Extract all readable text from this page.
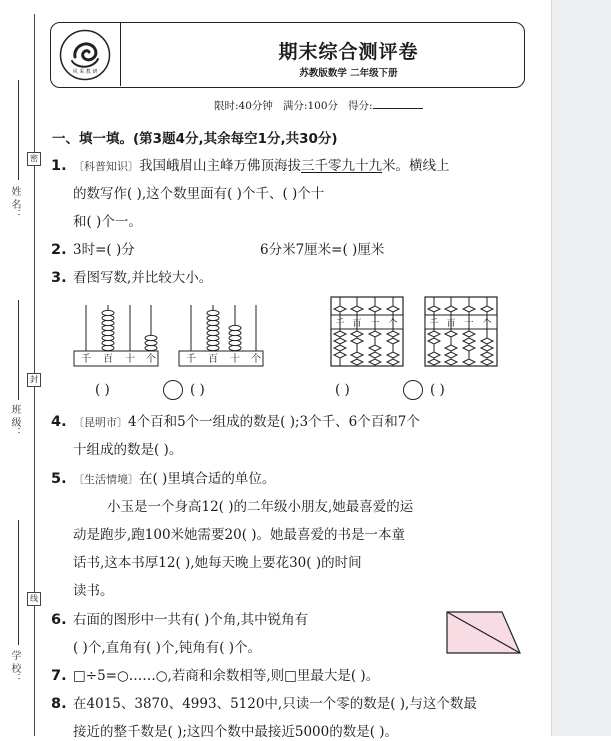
密
封
线
姓 名：
班 级：
学 校：
风 采 教 研
期末综合测评卷
苏教版数学 二年级下册
限时:40分钟 满分:100分 得分:
一、填一填。(第3题4分,其余每空1分,共30分)
1. 〔科普知识〕我国峨眉山主峰万佛顶海拔三千零九十九米。横线上
的数写作( ),这个数里面有( )个千、( )个十
和( )个一。
2. 3时=( )分	6分米7厘米=( )厘米
3. 看图写数,并比较大小。
千 百 十 个	千 百 十 个
千 百 十 个	千 百 十 个
( )	( )	( )	( )
4. 〔昆明市〕4个百和5个一组成的数是( );3个千、6个百和7个
十组成的数是( )。
5. 〔生活情境〕在( )里填合适的单位。
小玉是一个身高12( )的二年级小朋友,她最喜爱的运
动是跑步,跑100米她需要20( )。她最喜爱的书是一本童
话书,这本书厚12( ),她每天晚上要花30( )的时间
读书。
6. 右面的图形中一共有( )个角,其中锐角有
( )个,直角有( )个,钝角有( )个。
7. □÷5=○……○,若商和余数相等,则□里最大是( )。
8. 在4015、3870、4993、5120中,只读一个零的数是( ),与这个数最
接近的整千数是( );这四个数中最接近5000的数是( )。
